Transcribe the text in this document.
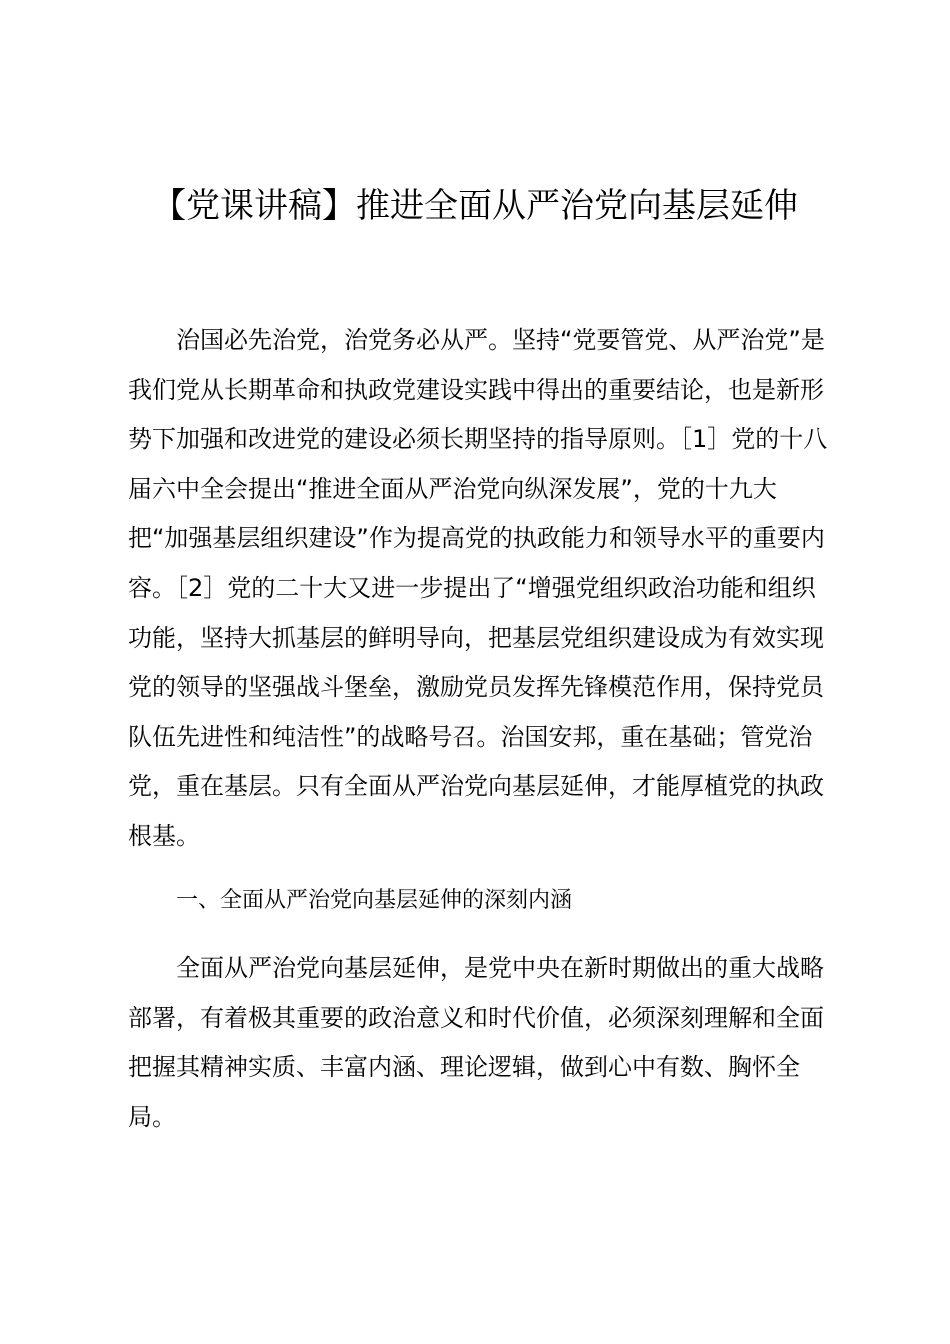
【党课讲稿】推进全面从严治党向基层延伸

治国必先治党，治党务必从严。坚持“党要管党、从严治党”是我们党从长期革命和执政党建设实践中得出的重要结论，也是新形势下加强和改进党的建设必须长期坚持的指导原则。［1］党的十八届六中全会提出“推进全面从严治党向纵深发展”，党的十九大把“加强基层组织建设”作为提高党的执政能力和领导水平的重要内容。［2］党的二十大又进一步提出了“增强党组织政治功能和组织功能，坚持大抓基层的鲜明导向，把基层党组织建设成为有效实现党的领导的坚强战斗堡垒，激励党员发挥先锋模范作用，保持党员队伍先进性和纯洁性”的战略号召。治国安邦，重在基础；管党治党，重在基层。只有全面从严治党向基层延伸，才能厚植党的执政根基。

一、全面从严治党向基层延伸的深刻内涵

全面从严治党向基层延伸，是党中央在新时期做出的重大战略部署，有着极其重要的政治意义和时代价值，必须深刻理解和全面把握其精神实质、丰富内涵、理论逻辑，做到心中有数、胸怀全局。
